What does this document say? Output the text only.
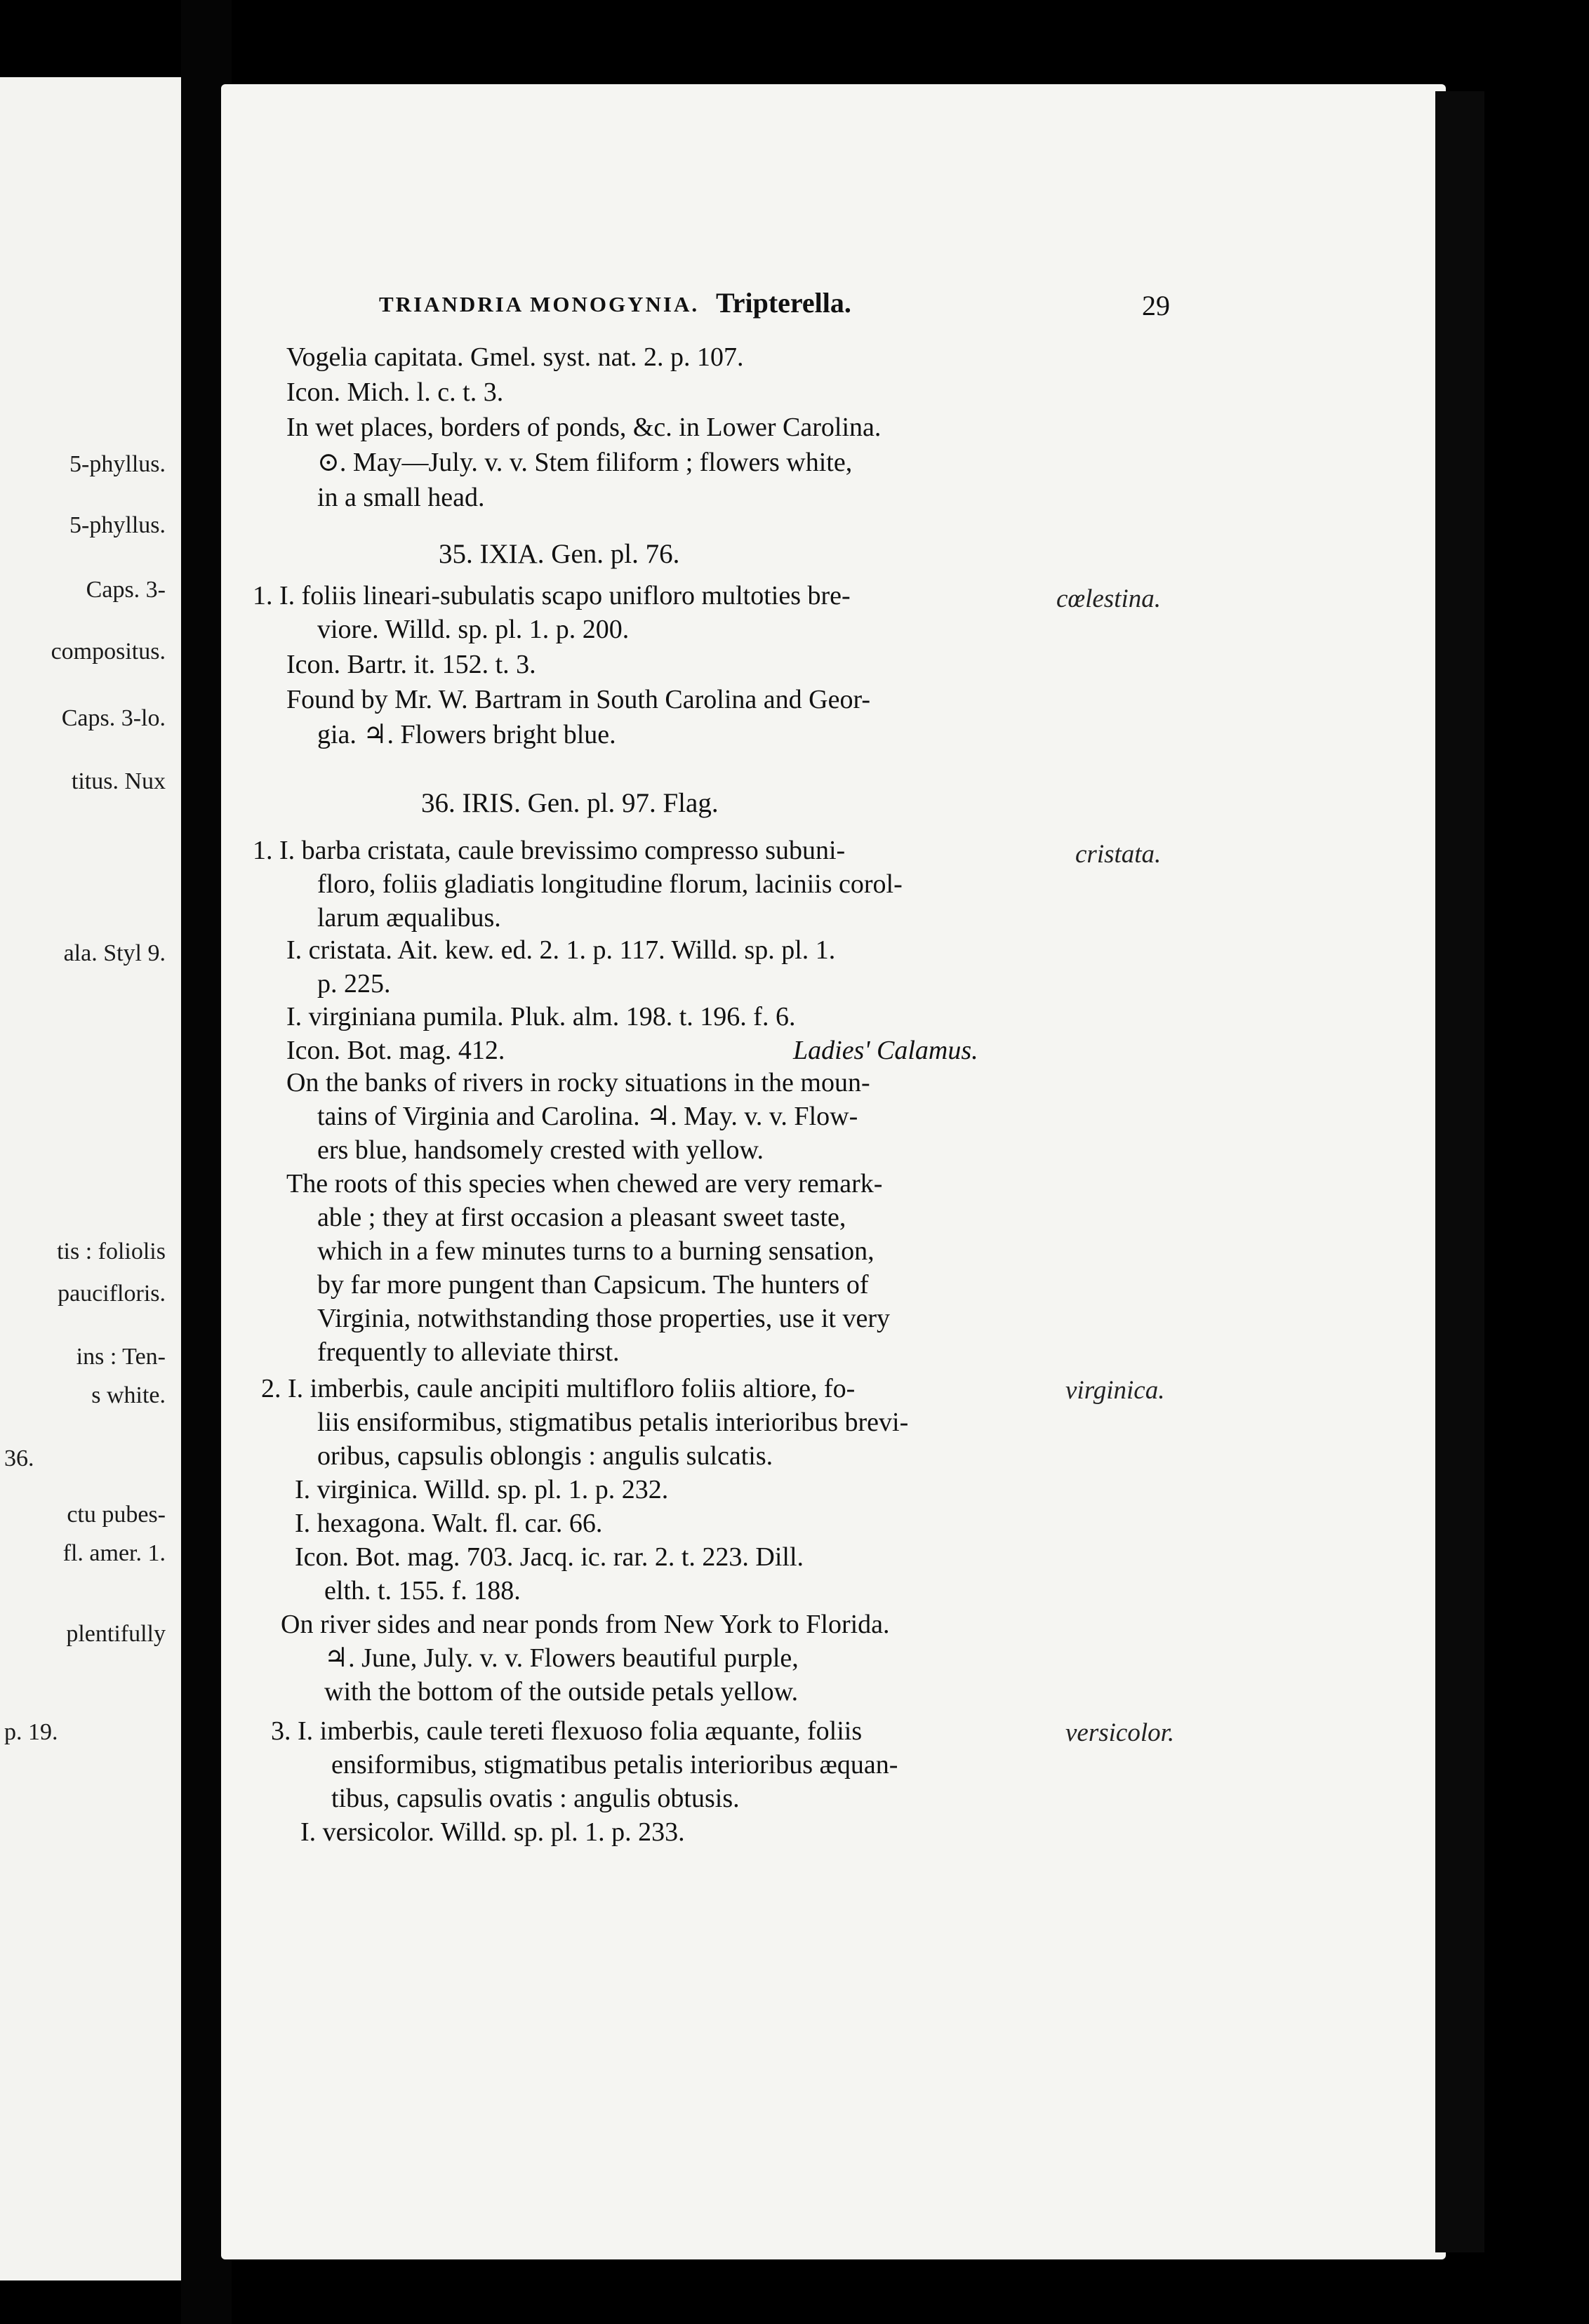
5-phyllus.
5-phyllus.
Caps. 3-
compositus.
Caps. 3-lo.
titus. Nux
ala. Styl 9.
tis : foliolis
paucifloris.
ins : Ten-
s white.
36.
ctu pubes-
fl. amer. 1.
plentifully
p. 19.
TRIANDRIA MONOGYNIA. Tripterella.	29
Vogelia capitata. Gmel. syst. nat. 2. p. 107.
Icon. Mich. l. c. t. 3.
In wet places, borders of ponds, &c. in Lower Carolina.
⊙. May—July. v. v. Stem filiform ; flowers white,
in a small head.
35. IXIA. Gen. pl. 76.
1. I. foliis lineari-subulatis scapo unifloro multoties bre-
viore. Willd. sp. pl. 1. p. 200.
Icon. Bartr. it. 152. t. 3.
Found by Mr. W. Bartram in South Carolina and Geor-
gia. ♃. Flowers bright blue.
36. IRIS. Gen. pl. 97. Flag.
1. I. barba cristata, caule brevissimo compresso subuni-
floro, foliis gladiatis longitudine florum, laciniis corol-
larum æqualibus.
I. cristata. Ait. kew. ed. 2. 1. p. 117. Willd. sp. pl. 1.
p. 225.
I. virginiana pumila. Pluk. alm. 198. t. 196. f. 6.
Icon. Bot. mag. 412.	Ladies' Calamus.
On the banks of rivers in rocky situations in the moun-
tains of Virginia and Carolina. ♃. May. v. v. Flow-
ers blue, handsomely crested with yellow.
The roots of this species when chewed are very remark-
able ; they at first occasion a pleasant sweet taste,
which in a few minutes turns to a burning sensation,
by far more pungent than Capsicum. The hunters of
Virginia, notwithstanding those properties, use it very
frequently to alleviate thirst.
2. I. imberbis, caule ancipiti multifloro foliis altiore, fo-
liis ensiformibus, stigmatibus petalis interioribus brevi-
oribus, capsulis oblongis : angulis sulcatis.
I. virginica. Willd. sp. pl. 1. p. 232.
I. hexagona. Walt. fl. car. 66.
Icon. Bot. mag. 703. Jacq. ic. rar. 2. t. 223. Dill.
elth. t. 155. f. 188.
On river sides and near ponds from New York to Florida.
♃. June, July. v. v. Flowers beautiful purple,
with the bottom of the outside petals yellow.
3. I. imberbis, caule tereti flexuoso folia æquante, foliis
ensiformibus, stigmatibus petalis interioribus æquan-
tibus, capsulis ovatis : angulis obtusis.
I. versicolor. Willd. sp. pl. 1. p. 233.
cœlestina.
cristata.
virginica.
versicolor.
